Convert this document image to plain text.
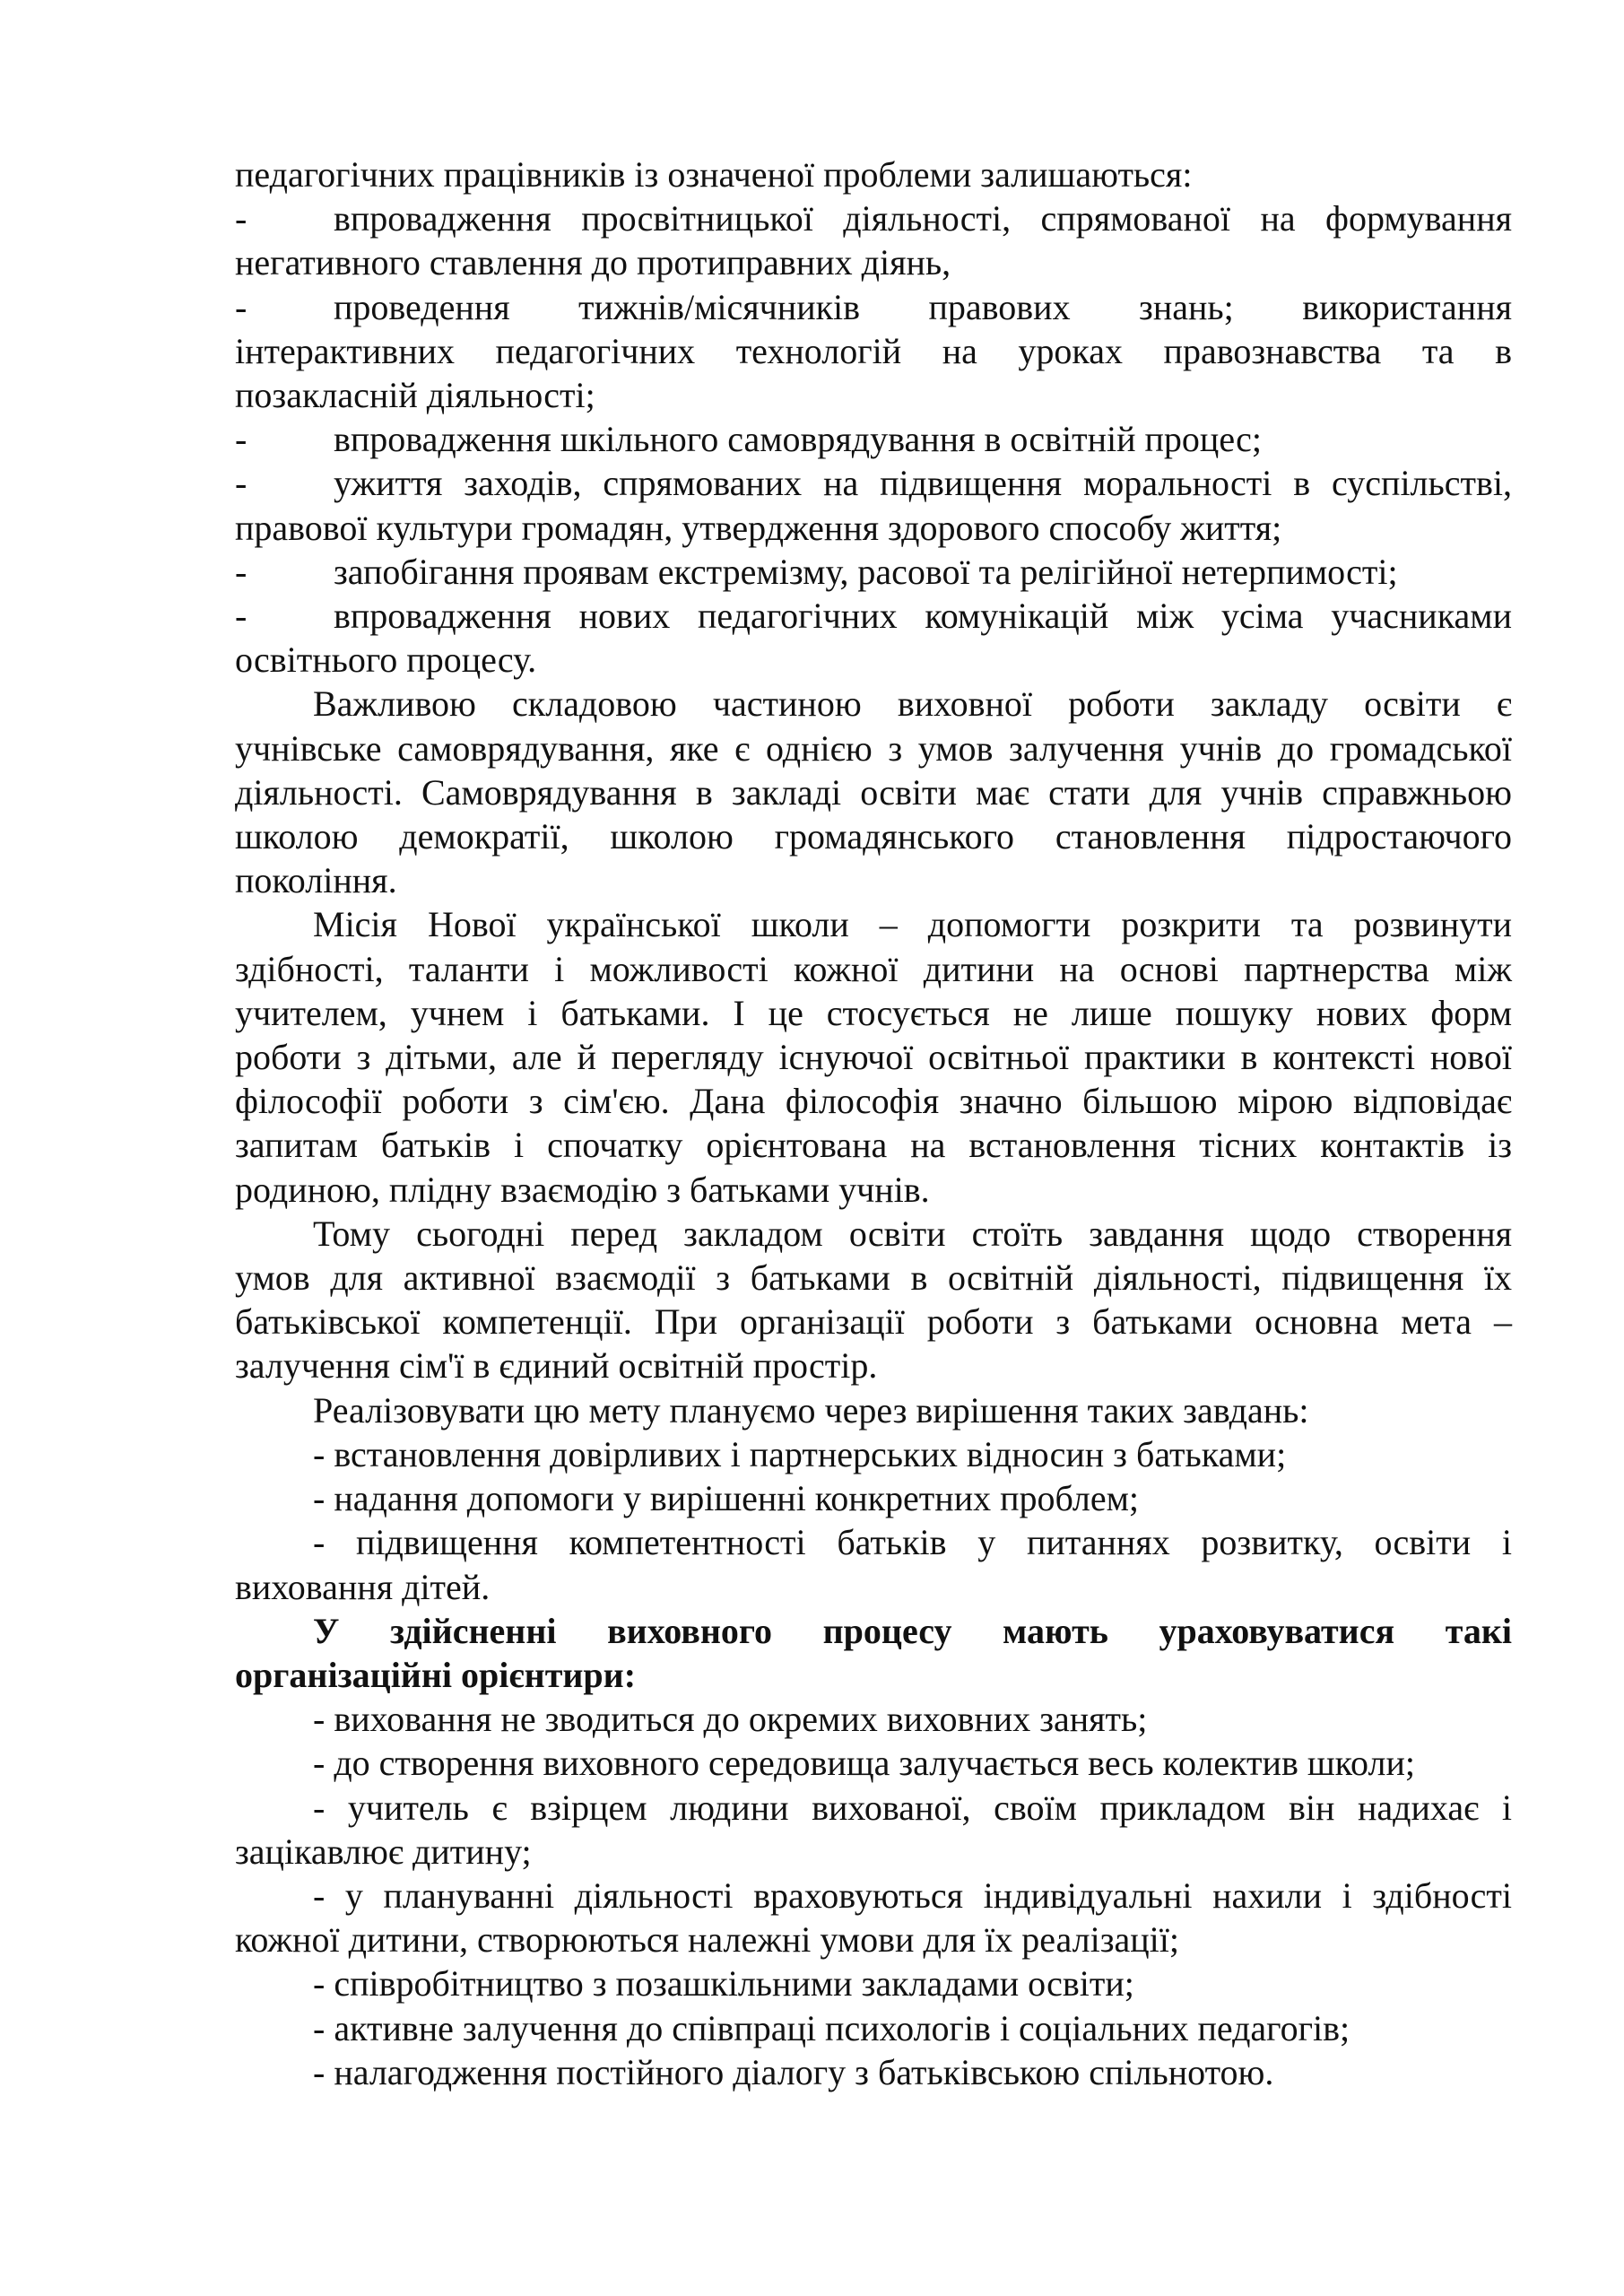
педагогічних працівників із означеної проблеми залишаються:
-	впровадження просвітницької діяльності, спрямованої на формування
негативного ставлення до протиправних діянь,
-	проведення тижнів/місячників правових знань; використання
інтерактивних педагогічних технологій на уроках правознавства та в
позакласній діяльності;
-	впровадження шкільного самоврядування в освітній процес;
-	ужиття заходів, спрямованих на підвищення моральності в суспільстві,
правової культури громадян, утвердження здорового способу життя;
-	запобігання проявам екстремізму, расової та релігійної нетерпимості;
-	впровадження нових педагогічних комунікацій між усіма учасниками
освітнього процесу.
Важливою складовою частиною виховної роботи закладу освіти є
учнівське самоврядування, яке є однією з умов залучення учнів до громадської
діяльності. Самоврядування в закладі освіти має стати для учнів справжньою
школою демократії, школою громадянського становлення підростаючого
покоління.
Місія Нової української школи – допомогти розкрити та розвинути
здібності, таланти і можливості кожної дитини на основі партнерства між
учителем, учнем і батьками. І це стосується не лише пошуку нових форм
роботи з дітьми, але й перегляду існуючої освітньої практики в контексті нової
філософії роботи з сім'єю. Дана філософія значно більшою мірою відповідає
запитам батьків і спочатку орієнтована на встановлення тісних контактів із
родиною, плідну взаємодію з батьками учнів.
Тому сьогодні перед закладом освіти стоїть завдання щодо створення
умов для активної взаємодії з батьками в освітній діяльності, підвищення їх
батьківської компетенції. При організації роботи з батьками основна мета –
залучення сім'ї в єдиний освітній простір.
Реалізовувати цю мету плануємо через вирішення таких завдань:
- встановлення довірливих і партнерських відносин з батьками;
- надання допомоги у вирішенні конкретних проблем;
- підвищення компетентності батьків у питаннях розвитку, освіти і
виховання дітей.
У здійсненні виховного процесу мають ураховуватися такі
організаційні орієнтири:
- виховання не зводиться до окремих виховних занять;
- до створення виховного середовища залучається весь колектив школи;
- учитель є взірцем людини вихованої, своїм прикладом він надихає і
зацікавлює дитину;
- у плануванні діяльності враховуються індивідуальні нахили і здібності
кожної дитини, створюються належні умови для їх реалізації;
- співробітництво з позашкільними закладами освіти;
- активне залучення до співпраці психологів і соціальних педагогів;
- налагодження постійного діалогу з батьківською спільнотою.
